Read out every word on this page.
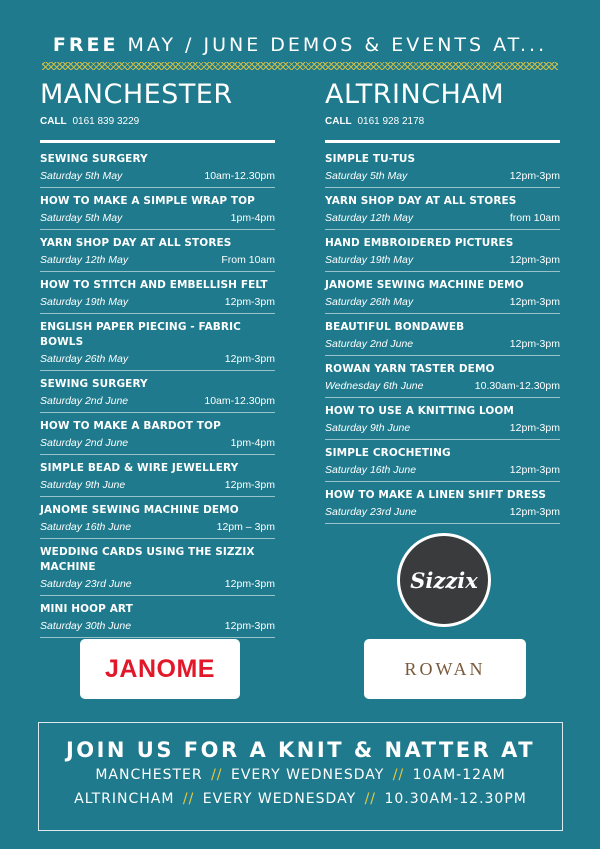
FREE MAY / JUNE DEMOS & EVENTS AT...
MANCHESTER
CALL 0161 839 3229
SEWING SURGERY
Saturday 5th May	10am-12.30pm
HOW TO MAKE A SIMPLE WRAP TOP
Saturday 5th May	1pm-4pm
YARN SHOP DAY AT ALL STORES
Saturday 12th May	From 10am
HOW TO STITCH AND EMBELLISH FELT
Saturday 19th May	12pm-3pm
ENGLISH PAPER PIECING - FABRIC BOWLS
Saturday 26th May	12pm-3pm
SEWING SURGERY
Saturday 2nd June	10am-12.30pm
HOW TO MAKE A BARDOT TOP
Saturday 2nd June	1pm-4pm
SIMPLE BEAD & WIRE JEWELLERY
Saturday 9th June	12pm-3pm
JANOME SEWING MACHINE DEMO
Saturday 16th June	12pm – 3pm
WEDDING CARDS USING THE SIZZIX MACHINE
Saturday 23rd June	12pm-3pm
MINI HOOP ART
Saturday 30th June	12pm-3pm
ALTRINCHAM
CALL 0161 928 2178
SIMPLE TU-TUS
Saturday 5th May	12pm-3pm
YARN SHOP DAY AT ALL STORES
Saturday 12th May	from 10am
HAND EMBROIDERED PICTURES
Saturday 19th May	12pm-3pm
JANOME SEWING MACHINE DEMO
Saturday 26th May	12pm-3pm
BEAUTIFUL BONDAWEB
Saturday 2nd June	12pm-3pm
ROWAN YARN TASTER DEMO
Wednesday 6th June	10.30am-12.30pm
HOW TO USE A KNITTING LOOM
Saturday 9th June	12pm-3pm
SIMPLE CROCHETING
Saturday 16th June	12pm-3pm
HOW TO MAKE A LINEN SHIFT DRESS
Saturday 23rd June	12pm-3pm
Sizzix
JANOME	ROWAN
JOIN US FOR A KNIT & NATTER AT
MANCHESTER // EVERY WEDNESDAY // 10AM-12AM
ALTRINCHAM // EVERY WEDNESDAY // 10.30AM-12.30PM
